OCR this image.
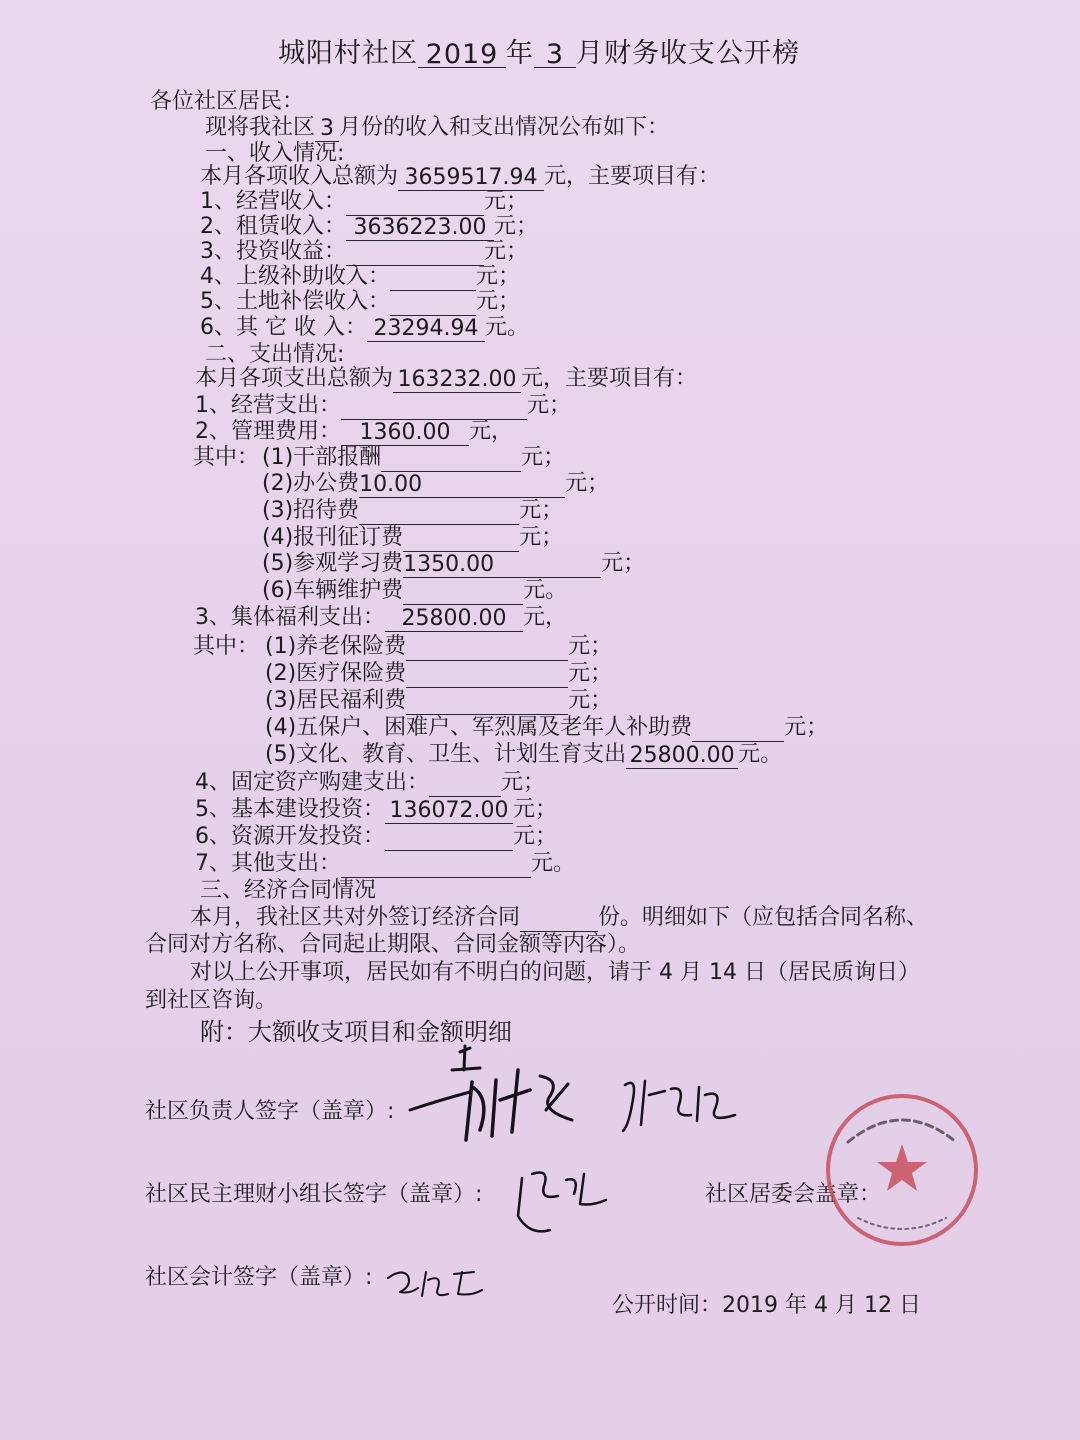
城阳村社区 2019 年 3 月财务收支公开榜
各位社区居民：
现将我社区 3 月份的收入和支出情况公布如下：
一、收入情况:
本月各项收入总额为 3659517.94 元，主要项目有：
1、经营收入：	元；
2、租赁收入： 3636223.00 元；
3、投资收益：	元；
4、上级补助收入：	元；
5、土地补偿收入：	元；
6、其 它 收 入： 23294.94 元。
二、支出情况:
本月各项支出总额为 163232.00 元，主要项目有：
1、经营支出：	元；
2、管理费用： 1360.00 元，
其中： (1)干部报酬	元；
(2)办公费10.00	元；
(3)招待费	元；
(4)报刊征订费	元；
(5)参观学习费1350.00	元；
(6)车辆维护费	元。
3、集体福利支出： 25800.00 元，
其中： (1)养老保险费	元；
(2)医疗保险费	元；
(3)居民福利费	元；
(4)五保户、困难户、军烈属及老年人补助费	元；
(5)文化、教育、卫生、计划生育支出 25800.00 元。
4、固定资产购建支出：	元；
5、基本建设投资： 136072.00 元；
6、资源开发投资：	元；
7、其他支出：	元。
三、经济合同情况
本月，我社区共对外签订经济合同	份。明细如下（应包括合同名称、
合同对方名称、合同起止期限、合同金额等内容）。
对以上公开事项，居民如有不明白的问题，请于 4 月 14 日（居民质询日）
到社区咨询。
附：大额收支项目和金额明细
社区负责人签字（盖章）:
社区民主理财小组长签字（盖章）:	社区居委会盖章：
社区会计签字（盖章）:
公开时间：2019 年 4 月 12 日
